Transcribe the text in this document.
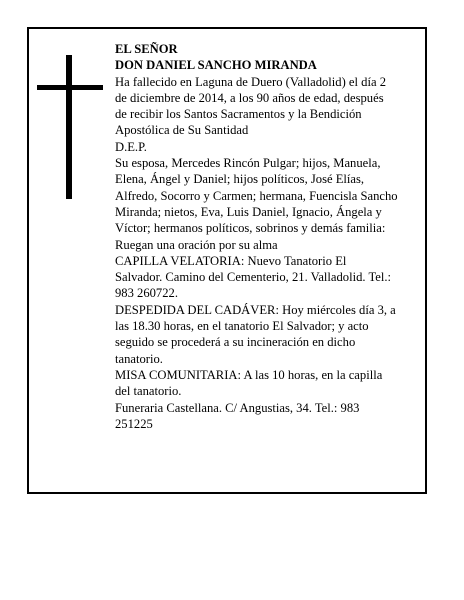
EL SEÑOR
DON DANIEL SANCHO MIRANDA
Ha fallecido en Laguna de Duero (Valladolid) el día 2
de diciembre de 2014, a los 90 años de edad, después
de recibir los Santos Sacramentos y la Bendición
Apostólica de Su Santidad
D.E.P.
Su esposa, Mercedes Rincón Pulgar; hijos, Manuela,
Elena, Ángel y Daniel; hijos políticos, José Elías,
Alfredo, Socorro y Carmen; hermana, Fuencisla Sancho
Miranda; nietos, Eva, Luis Daniel, Ignacio, Ángela y
Víctor; hermanos políticos, sobrinos y demás familia:
Ruegan una oración por su alma
CAPILLA VELATORIA: Nuevo Tanatorio El
Salvador. Camino del Cementerio, 21. Valladolid. Tel.:
983 260722.
DESPEDIDA DEL CADÁVER: Hoy miércoles día 3, a
las 18.30 horas, en el tanatorio El Salvador; y acto
seguido se procederá a su incineración en dicho
tanatorio.
MISA COMUNITARIA: A las 10 horas, en la capilla
del tanatorio.
Funeraria Castellana. C/ Angustias, 34. Tel.: 983
251225
